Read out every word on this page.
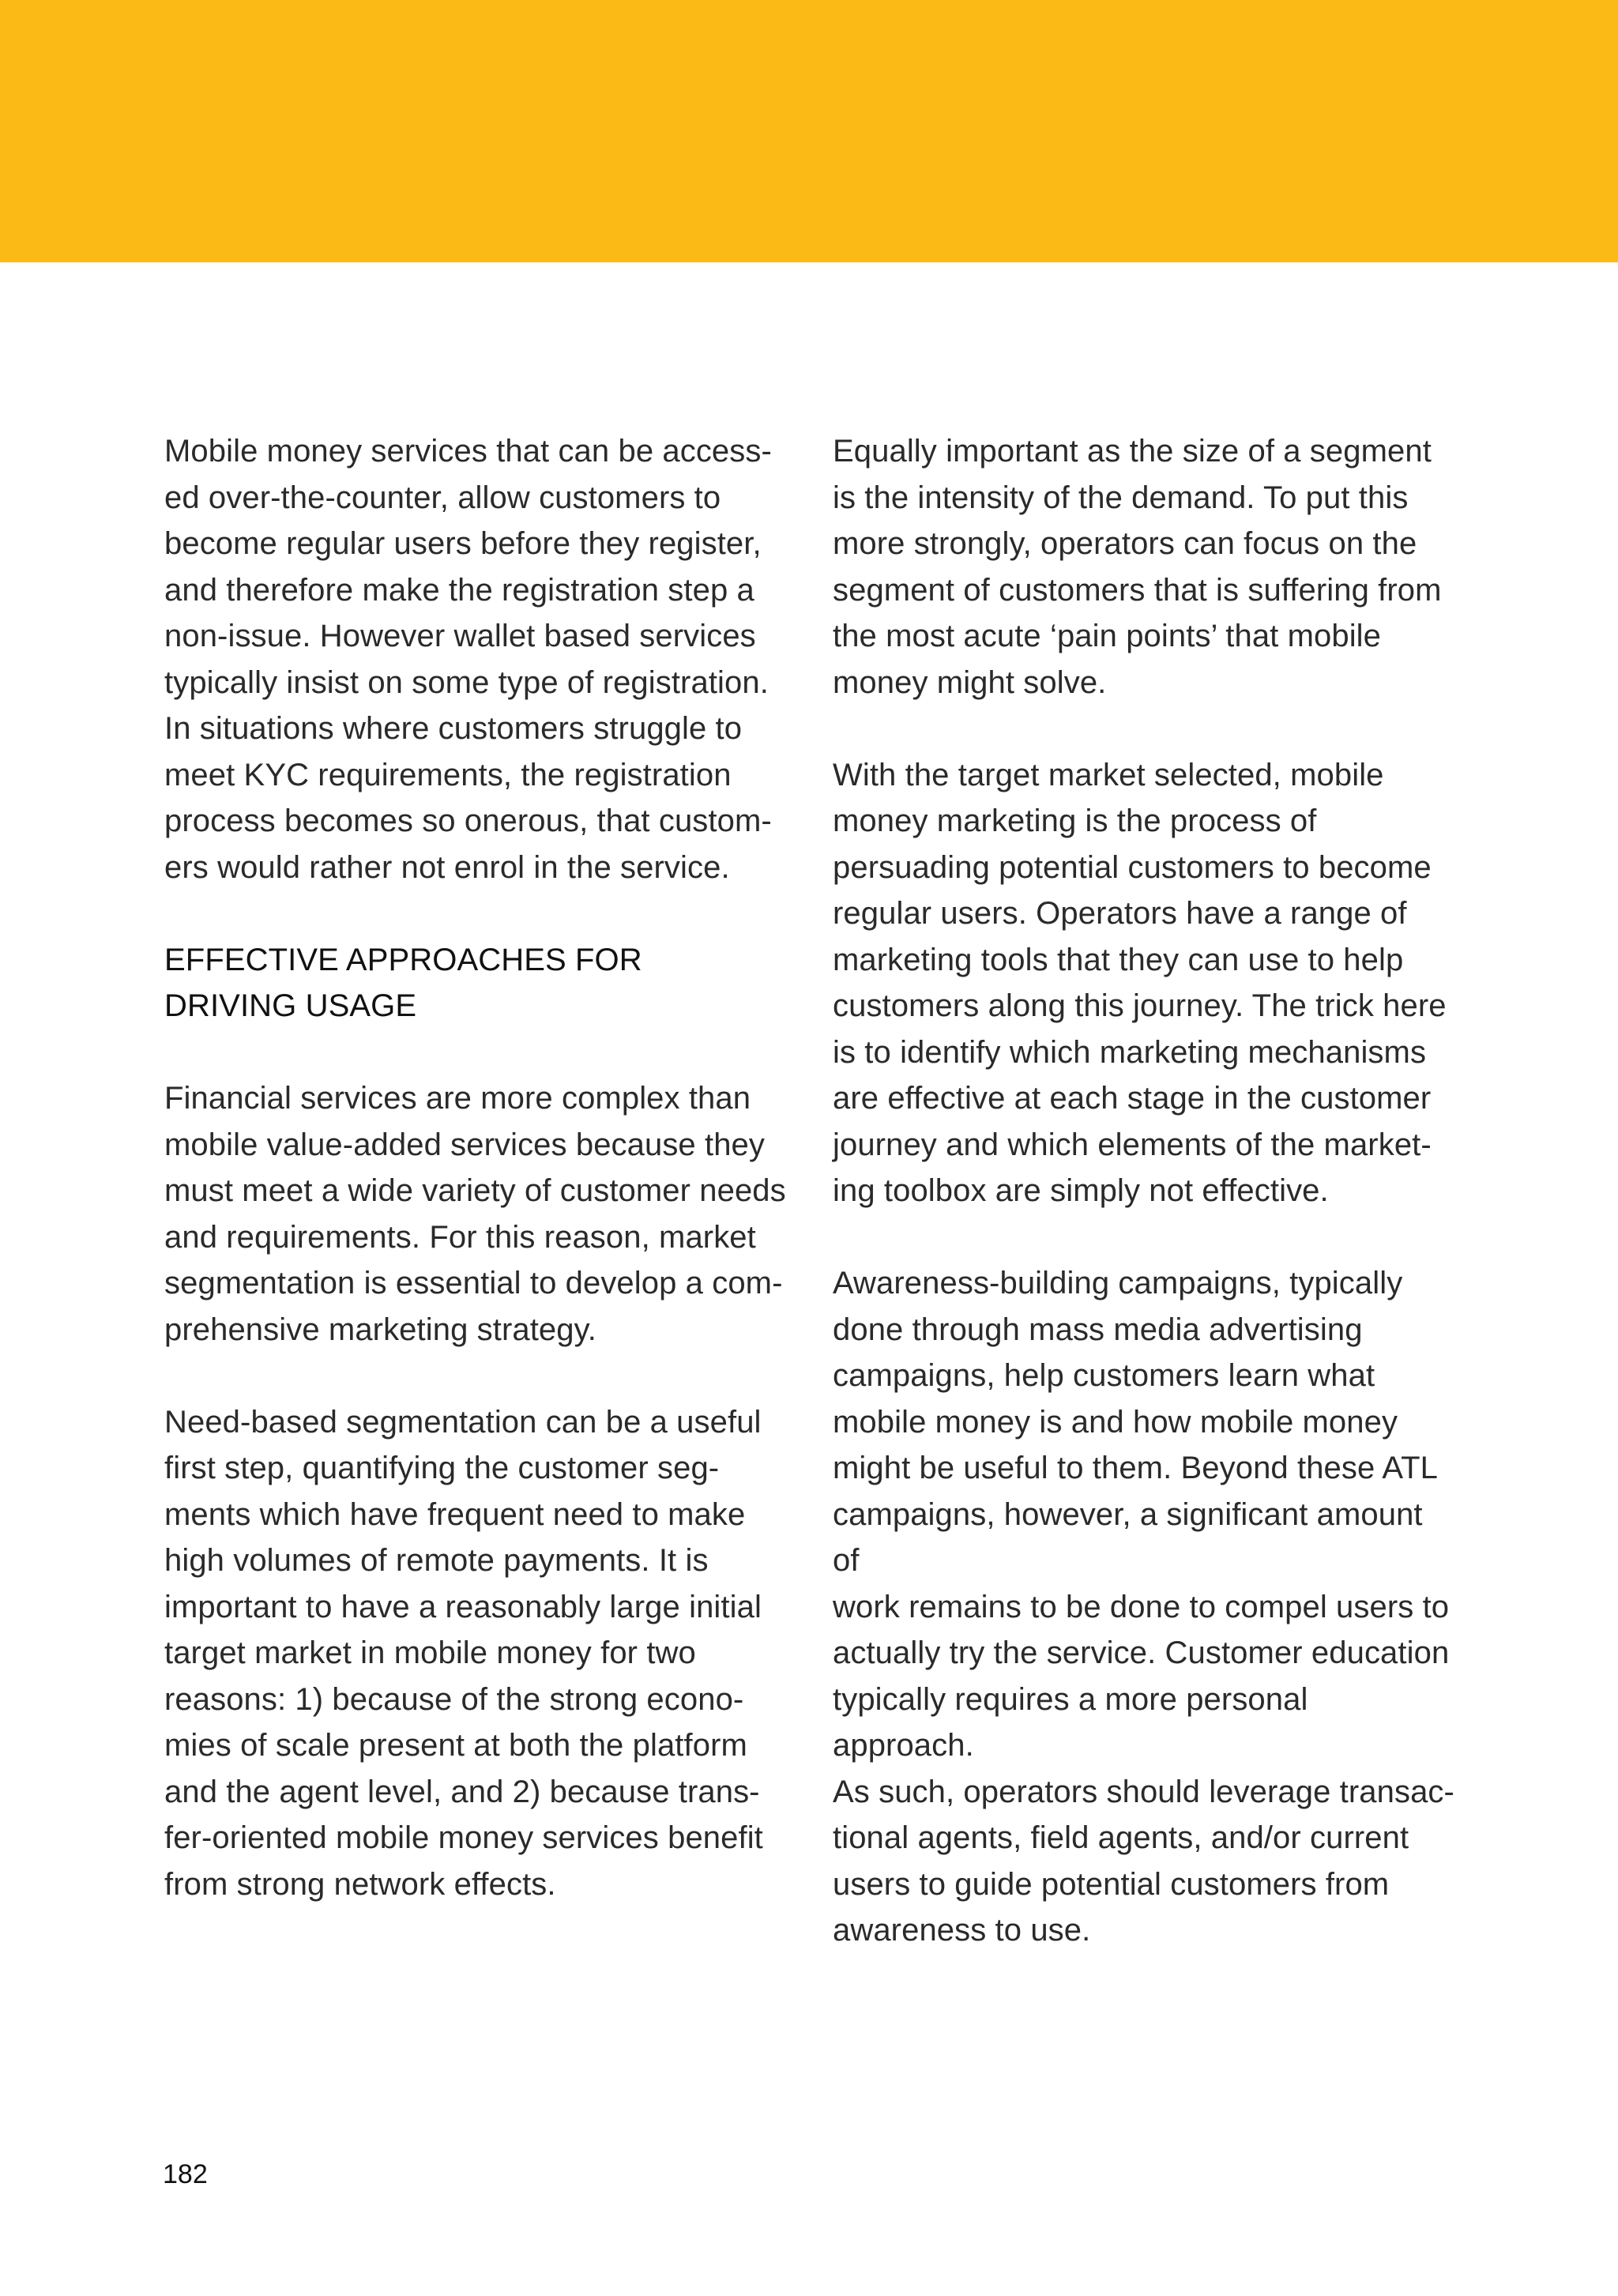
Mobile money services that can be access-
ed over-the-counter, allow customers to
become regular users before they register,
and therefore make the registration step a
non-issue. However wallet based services
typically insist on some type of registration.
In situations where customers struggle to
meet KYC requirements, the registration
process becomes so onerous, that custom-
ers would rather not enrol in the service.

EFFECTIVE APPROACHES FOR
DRIVING USAGE

Financial services are more complex than
mobile value-added services because they
must meet a wide variety of customer needs
and requirements. For this reason, market
segmentation is essential to develop a com-
prehensive marketing strategy.

Need-based segmentation can be a useful
first step, quantifying the customer seg-
ments which have frequent need to make
high volumes of remote payments. It is
important to have a reasonably large initial
target market in mobile money for two
reasons: 1) because of the strong econo-
mies of scale present at both the platform
and the agent level, and 2) because trans-
fer-oriented mobile money services benefit
from strong network effects.

Equally important as the size of a segment
is the intensity of the demand. To put this
more strongly, operators can focus on the
segment of customers that is suffering from
the most acute ‘pain points’ that mobile
money might solve.

With the target market selected, mobile
money marketing is the process of
persuading potential customers to become
regular users. Operators have a range of
marketing tools that they can use to help
customers along this journey. The trick here
is to identify which marketing mechanisms
are effective at each stage in the customer
journey and which elements of the market-
ing toolbox are simply not effective.

Awareness-building campaigns, typically
done through mass media advertising
campaigns, help customers learn what
mobile money is and how mobile money
might be useful to them. Beyond these ATL
campaigns, however, a significant amount of
work remains to be done to compel users to
actually try the service. Customer education
typically requires a more personal approach.
As such, operators should leverage transac-
tional agents, field agents, and/or current
users to guide potential customers from
awareness to use.

182
